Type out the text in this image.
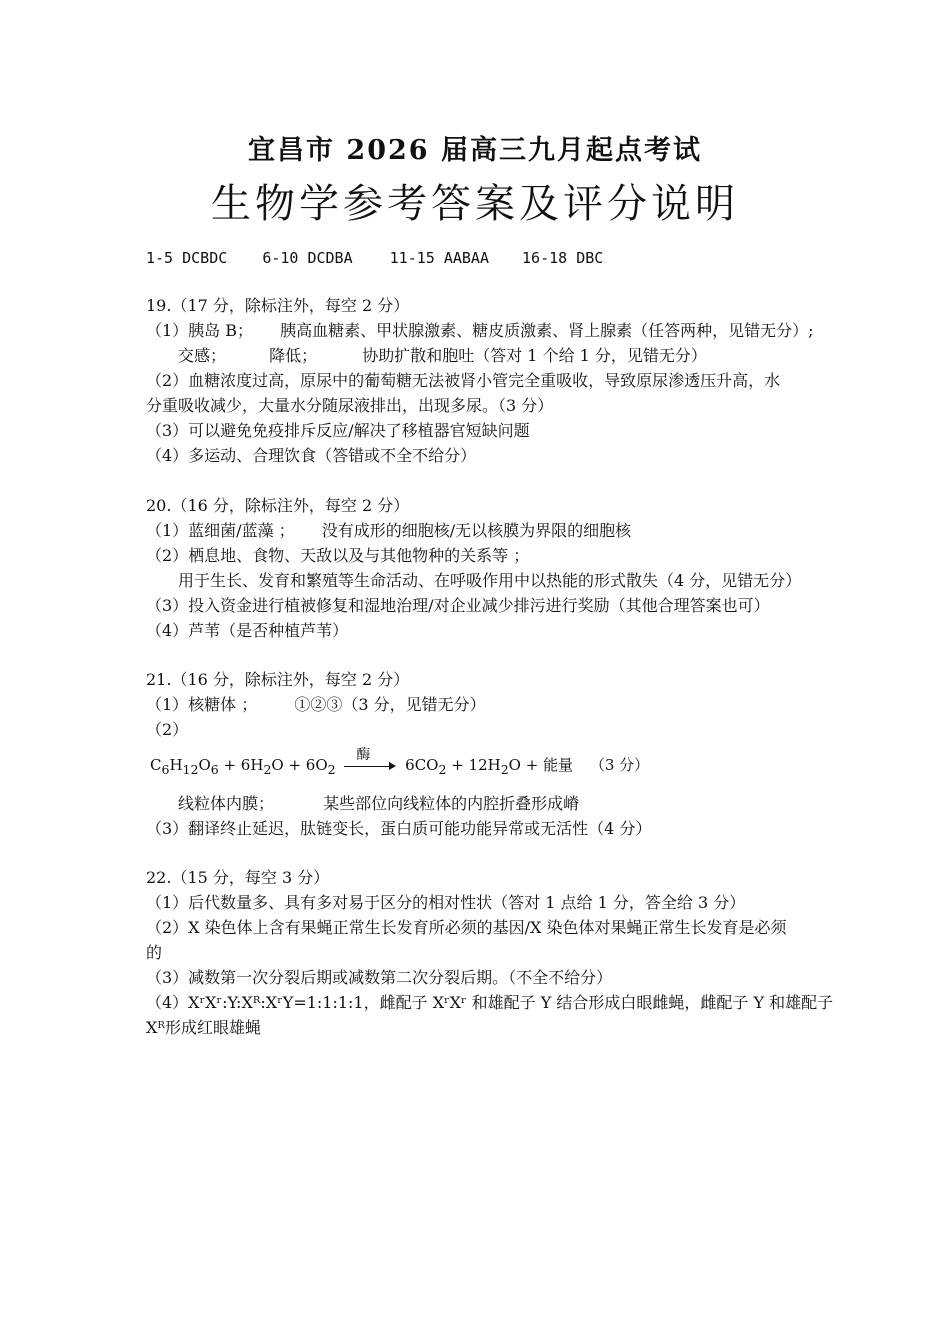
宜昌市 2026 届高三九月起点考试
生物学参考答案及评分说明
1-5 DCBDC 6-10 DCDBA 11-15 AABAA 16-18 DBC
19.（17 分，除标注外，每空 2 分）
（1）胰岛 B； 胰高血糖素、甲状腺激素、糖皮质激素、肾上腺素（任答两种，见错无分）;
交感；	降低；	协助扩散和胞吐（答对 1 个给 1 分，见错无分）
（2）血糖浓度过高，原尿中的葡萄糖无法被肾小管完全重吸收，导致原尿渗透压升高，水
分重吸收减少，大量水分随尿液排出，出现多尿。（3 分）
（3）可以避免免疫排斥反应/解决了移植器官短缺问题
（4）多运动、合理饮食（答错或不全不给分）
20.（16 分，除标注外，每空 2 分）
（1）蓝细菌/蓝藻 ； 没有成形的细胞核/无以核膜为界限的细胞核
（2）栖息地、食物、天敌以及与其他物种的关系等 ；
用于生长、发育和繁殖等生命活动、在呼吸作用中以热能的形式散失（4 分，见错无分）
（3）投入资金进行植被修复和湿地治理/对企业减少排污进行奖励（其他合理答案也可）
（4）芦苇（是否种植芦苇）
21.（16 分，除标注外，每空 2 分）
（1）核糖体 ； ①②③（3 分，见错无分）
（2）
$C_6H_{12}O_6 + 6H_2O + 6O_2$
酶
$6CO_2 + 12H_2O$ + 能量 （3 分）
线粒体内膜；	某些部位向线粒体的内腔折叠形成嵴
（3）翻译终止延迟，肽链变长，蛋白质可能功能异常或无活性（4 分）
22.（15 分，每空 3 分）
（1）后代数量多、具有多对易于区分的相对性状（答对 1 点给 1 分，答全给 3 分）
（2）X 染色体上含有果蝇正常生长发育所必须的基因/X 染色体对果蝇正常生长发育是必须
的
（3）减数第一次分裂后期或减数第二次分裂后期。（不全不给分）
（4）XʳXʳ:Y:Xᴿ:XʳY=1:1:1:1，雌配子 XʳXʳ 和雄配子 Y 结合形成白眼雌蝇，雌配子 Y 和雄配子
Xᴿ形成红眼雄蝇
